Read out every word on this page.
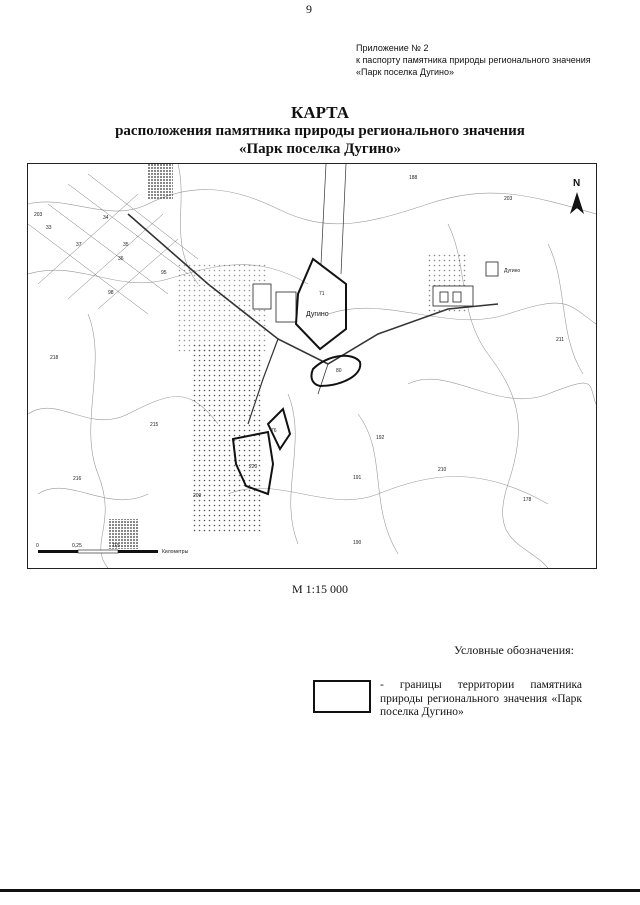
9
Приложение № 2
к паспорту памятника природы регионального значения
«Парк поселка Дугино»
КАРТА
расположения памятника природы регионального значения
«Парк поселка Дугино»
203
33
34
35
37
36
95
98
218
215
216
209
220
190
191
192
210
211
178
203
188
71
80
76
Дугино
Дугино
N
0	0,25	0,5
Километры
М 1:15 000
Условные обозначения:
- границы территории памятника природы регионального значения «Парк поселка Дугино»
